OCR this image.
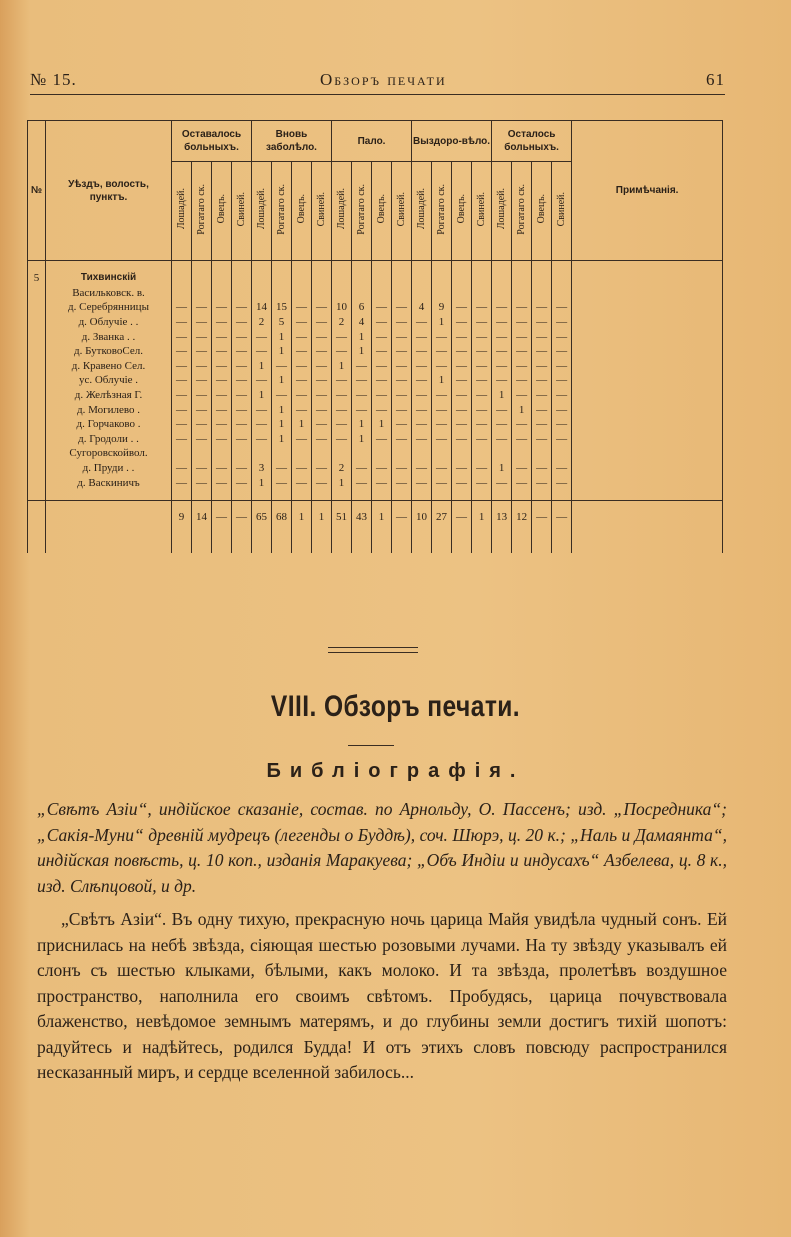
№ 15.	Обзоръ печати	61
№	Уѣздъ, волость, пунктъ.	Оставалось больныхъ.				Вновь заболѣло.				Пало.				Выздоро-вѣло.				Осталось больныхъ.				Примѣчанія.
		Лошадей.	Рогатаго ск.	Овецъ.	Свиней.	Лошадей.	Рогатаго ск.	Овецъ.	Свиней.	Лошадей.	Рогатаго ск.	Овецъ.	Свиней.	Лошадей.	Рогатаго ск.	Овецъ.	Свиней.	Лошадей.	Рогатаго ск.	Овецъ.	Свиней.	

5	Тихвинскій																					
	Васильковск. в.																					
	д. Серебрянницы	—	—	—	—	14	15	—	—	10	6	—	—	4	9	—	—	—	—	—	—	
	д. Облучіе . .	—	—	—	—	2	5	—	—	2	4	—	—	—	1	—	—	—	—	—	—	
	д. Званка . .	—	—	—	—	—	1	—	—	—	1	—	—	—	—	—	—	—	—	—	—	
	д. БутковоСел.	—	—	—	—	—	1	—	—	—	1	—	—	—	—	—	—	—	—	—	—	
	д. Кравено Сел.	—	—	—	—	1	—	—	—	1	—	—	—	—	—	—	—	—	—	—	—	
	ус. Облучіе .	—	—	—	—	—	1	—	—	—	—	—	—	—	1	—	—	—	—	—	—	
	д. Желѣзная Г.	—	—	—	—	1	—	—	—	—	—	—	—	—	—	—	—	1	—	—	—	
	д. Могилево .	—	—	—	—	—	1	—	—	—	—	—	—	—	—	—	—	—	1	—	—	
	д. Горчаково .	—	—	—	—	—	1	1	—	—	1	1	—	—	—	—	—	—	—	—	—	
	д. Гродоли . .	—	—	—	—	—	1	—	—	—	1	—	—	—	—	—	—	—	—	—	—	
	Сугоровскойвол.																					
	д. Пруди . .	—	—	—	—	3	—	—	—	2	—	—	—	—	—	—	—	1	—	—	—	
	д. Васкиничъ	—	—	—	—	1	—	—	—	1	—	—	—	—	—	—	—	—	—	—	—	

		9	14	—	—	65	68	1	1	51	43	1	—	10	27	—	1	13	12	—	—	

VIII. Обзоръ печати.
Библіографія.
„Свѣтъ Азіи“, индійское сказаніе, состав. по Арнольду, О. Пассенъ; изд. „Посредника“; „Сакія-Муни“ древній мудрецъ (легенды о Буддѣ), соч. Шюрэ, ц. 20 к.; „Наль и Дамаянта“, индійская повѣсть, ц. 10 коп., изданія Маракуева; „Объ Индіи и индусахъ“ Азбелева, ц. 8 к., изд. Слѣпцовой, и др.
„Свѣтъ Азіи“. Въ одну тихую, прекрасную ночь царица Майя увидѣла чудный сонъ. Ей приснилась на небѣ звѣзда, сіяющая шестью розовыми лучами. На ту звѣзду указывалъ ей слонъ съ шестью клыками, бѣлыми, какъ молоко. И та звѣзда, пролетѣвъ воздушное пространство, наполнила его своимъ свѣтомъ. Пробудясь, царица почувствовала блаженство, невѣдомое земнымъ матерямъ, и до глубины земли достигъ тихій шопотъ: радуйтесь и надѣйтесь, родился Будда! И отъ этихъ словъ повсюду распространился несказанный миръ, и сердце вселенной забилось...
